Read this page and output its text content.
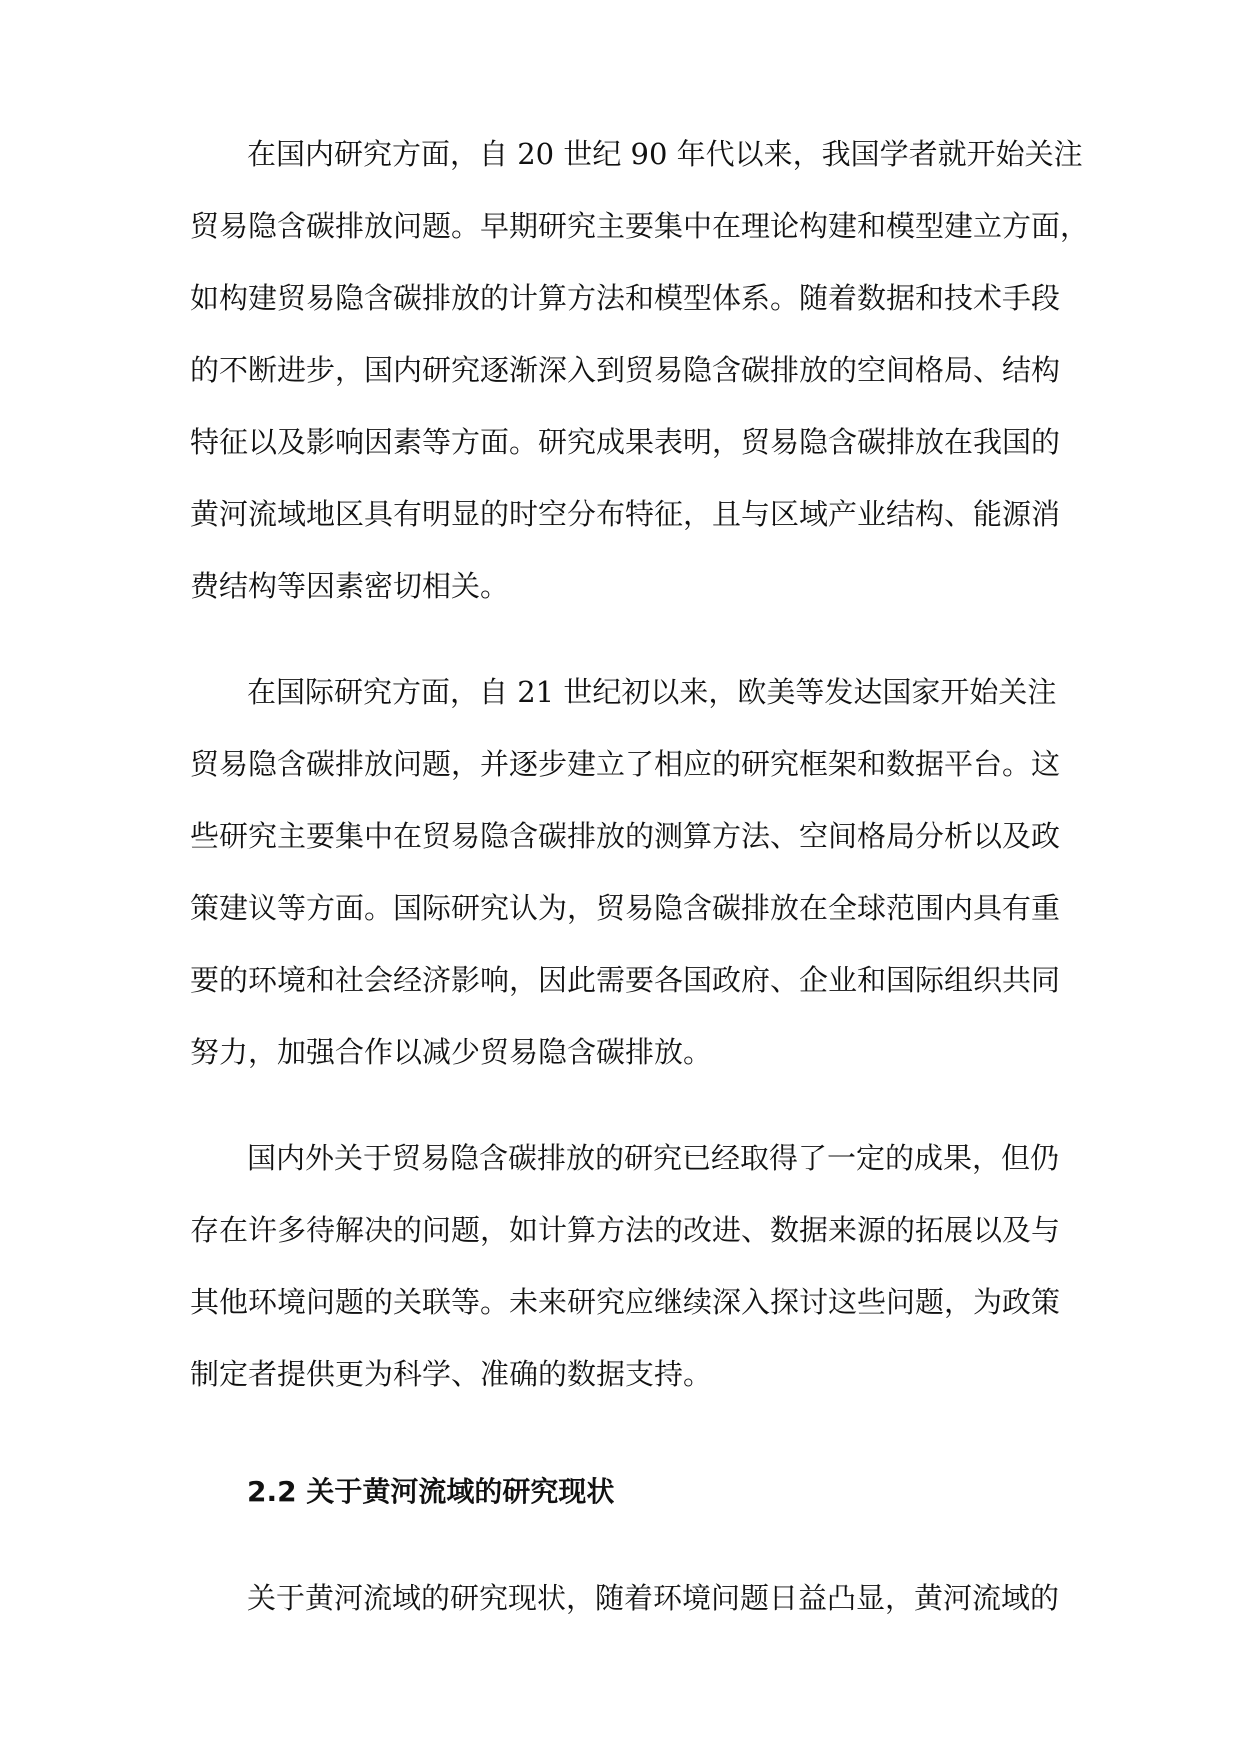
在国内研究方面，自 20 世纪 90 年代以来，我国学者就开始关注

贸易隐含碳排放问题。早期研究主要集中在理论构建和模型建立方面，

如构建贸易隐含碳排放的计算方法和模型体系。随着数据和技术手段

的不断进步，国内研究逐渐深入到贸易隐含碳排放的空间格局、结构

特征以及影响因素等方面。研究成果表明，贸易隐含碳排放在我国的

黄河流域地区具有明显的时空分布特征，且与区域产业结构、能源消

费结构等因素密切相关。

在国际研究方面，自 21 世纪初以来，欧美等发达国家开始关注

贸易隐含碳排放问题，并逐步建立了相应的研究框架和数据平台。这

些研究主要集中在贸易隐含碳排放的测算方法、空间格局分析以及政

策建议等方面。国际研究认为，贸易隐含碳排放在全球范围内具有重

要的环境和社会经济影响，因此需要各国政府、企业和国际组织共同

努力，加强合作以减少贸易隐含碳排放。

国内外关于贸易隐含碳排放的研究已经取得了一定的成果，但仍

存在许多待解决的问题，如计算方法的改进、数据来源的拓展以及与

其他环境问题的关联等。未来研究应继续深入探讨这些问题，为政策

制定者提供更为科学、准确的数据支持。

2.2 关于黄河流域的研究现状

关于黄河流域的研究现状，随着环境问题日益凸显，黄河流域的
